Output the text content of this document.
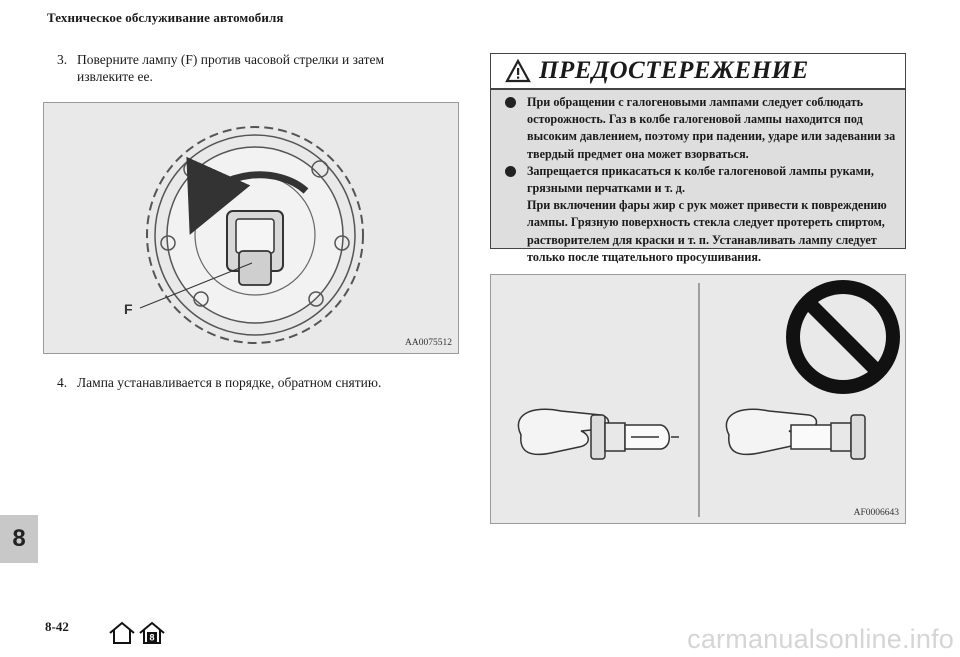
Техническое обслуживание автомобиля
3. Поверните лампу (F) против часовой стрелки и затем
извлеките ее.
F
AA0075512
4. Лампа устанавливается в порядке, обратном снятию.
ПРЕДОСТЕРЕЖЕНИЕ
При обращении с галогеновыми лампами следует соблюдать осторожность. Газ в колбе галогеновой лампы находится под высоким давлением, поэтому при падении, ударе или задевании за твердый предмет она может взорваться.
Запрещается прикасаться к колбе галогеновой лампы руками, грязными перчатками и т. д.
При включении фары жир с рук может привести к повреждению лампы. Грязную поверхность стекла следует протереть спиртом, растворителем для краски и т. п. Устанавливать лампу следует только после тщательного просушивания.
AF0006643
8
8-42
8	carmanualsonline.info
